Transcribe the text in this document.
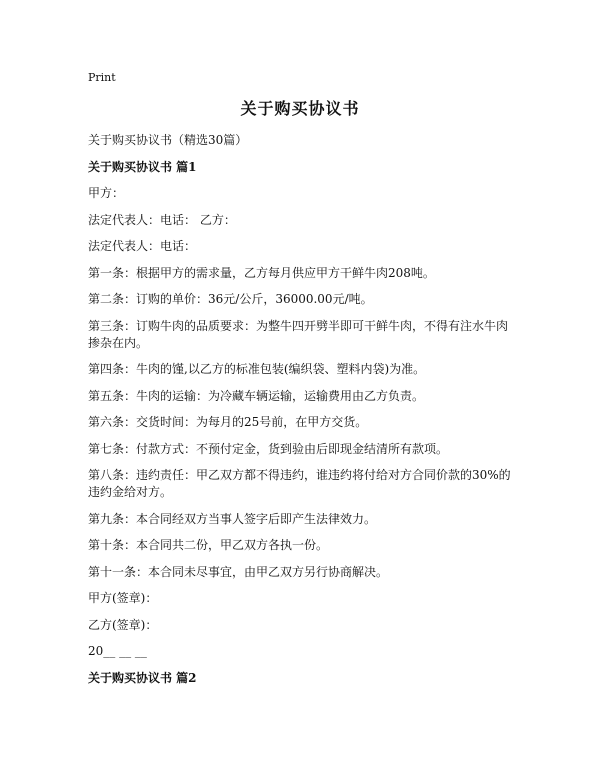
Print
关于购买协议书
关于购买协议书（精选30篇）
关于购买协议书 篇1
甲方：
法定代表人：电话： 乙方：
法定代表人：电话：
第一条：根据甲方的需求量，乙方每月供应甲方干鲜牛肉208吨。
第二条：订购的单价：36元/公斤，36000.00元/吨。
第三条：订购牛肉的品质要求：为整牛四开劈半即可干鲜牛肉，不得有注水牛肉掺杂在内。
第四条：牛肉的馑,以乙方的标准包装(编织袋、塑料内袋)为准。
第五条：牛肉的运输：为冷藏车辆运输，运输费用由乙方负责。
第六条：交货时间：为每月的25号前，在甲方交货。
第七条：付款方式：不预付定金，货到验由后即现金结清所有款项。
第八条：违约责任：甲乙双方都不得违约，谁违约将付给对方合同价款的30%的违约金给对方。
第九条：本合同经双方当事人签字后即产生法律效力。
第十条：本合同共二份，甲乙双方各执一份。
第十一条：本合同未尽事宜，由甲乙双方另行协商解决。
甲方(签章)：
乙方(签章)：
20__ __ __
关于购买协议书 篇2
